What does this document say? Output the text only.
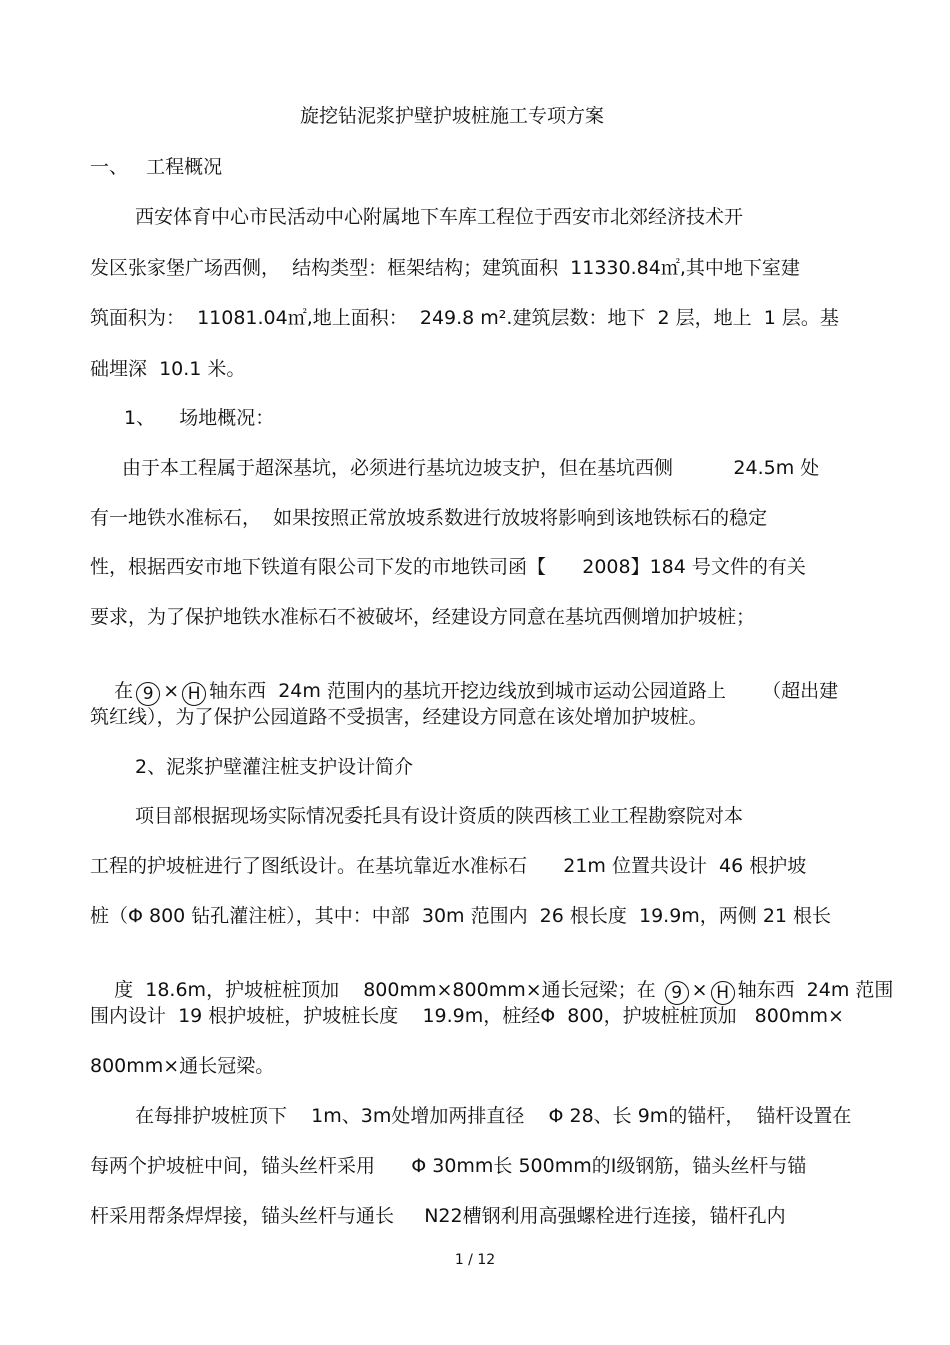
旋挖钻泥浆护壁护坡桩施工专项方案
一、   工程概况
西安体育中心市民活动中心附属地下车库工程位于西安市北郊经济技术开
发区张家堡广场西侧，  结构类型：框架结构；建筑面积  11330.84㎡,其中地下室建
筑面积为：  11081.04㎡,地上面积：  249.8 m².建筑层数：地下  2 层，地上  1 层。基
础埋深  10.1 米。
1、    场地概况：
由于本工程属于超深基坑，必须进行基坑边坡支护，但在基坑西侧          24.5m 处
有一地铁水准标石，  如果按照正常放坡系数进行放坡将影响到该地铁标石的稳定
性，根据西安市地下铁道有限公司下发的市地铁司函【      2008】184 号文件的有关
要求，为了保护地铁水准标石不被破坏，经建设方同意在基坑西侧增加护坡桩；

在 9 × H 轴东西  24m 范围内的基坑开挖边线放到城市运动公园道路上      （超出建

筑红线），为了保护公园道路不受损害，经建设方同意在该处增加护坡桩。
2、泥浆护壁灌注桩支护设计简介
项目部根据现场实际情况委托具有设计资质的陕西核工业工程勘察院对本
工程的护坡桩进行了图纸设计。在基坑靠近水准标石      21m 位置共设计  46 根护坡
桩（Φ 800 钻孔灌注桩），其中：中部  30m 范围内  26 根长度  19.9m，两侧 21 根长

度  18.6m，护坡桩桩顶加    800mm×800mm×通长冠梁；在 9 × H 轴东西  24m 范围

围内设计  19 根护坡桩，护坡桩长度    19.9m，桩经Φ  800，护坡桩桩顶加   800mm×
800mm×通长冠梁。
在每排护坡桩顶下    1m、3m处增加两排直径    Φ 28、长 9m的锚杆，  锚杆设置在
每两个护坡桩中间，锚头丝杆采用      Φ 30mm长 500mm的Ⅰ级钢筋，锚头丝杆与锚
杆采用帮条焊焊接，锚头丝杆与通长     N22槽钢利用高强螺栓进行连接，锚杆孔内
1 / 12
